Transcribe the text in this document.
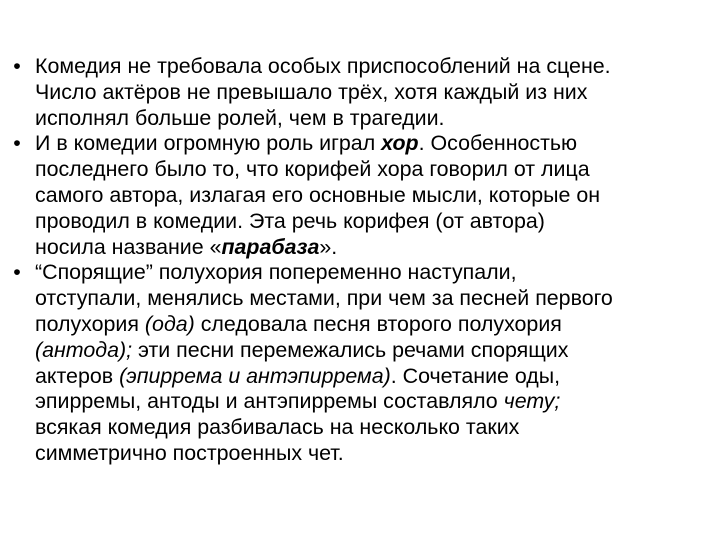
• Комедия не требовала особых приспособлений на сцене.
Число актёров не превышало трёх, хотя каждый из них
исполнял больше ролей, чем в трагедии.
• И в комедии огромную роль играл хор. Особенностью
последнего было то, что корифей хора говорил от лица
самого автора, излагая его основные мысли, которые он
проводил в комедии. Эта речь корифея (от автора)
носила название «парабаза».
• “Спорящие” полухория попеременно наступали,
отступали, менялись местами, при чем за песней первого
полухория (ода) следовала песня второго полухория
(антода); эти песни перемежались речами спорящих
актеров (эпиррема и антэпиррема). Сочетание оды,
эпирремы, антоды и антэпирремы составляло чету;
всякая комедия разбивалась на несколько таких
симметрично построенных чет.
